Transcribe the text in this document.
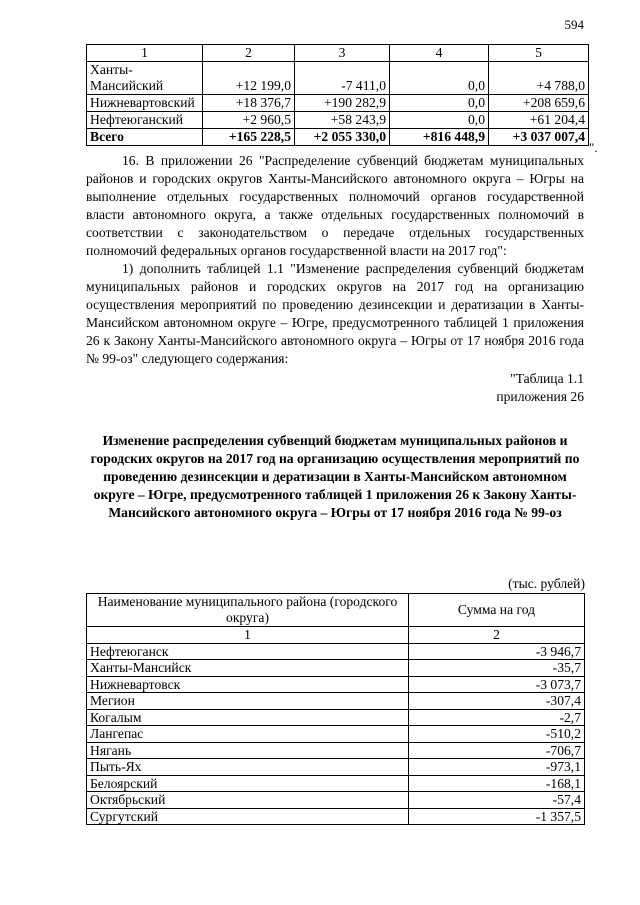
594
1	2	3	4	5
Ханты-
Мансийский	+12 199,0	-7 411,0	0,0	+4 788,0
Нижневартовский	+18 376,7	+190 282,9	0,0	+208 659,6
Нефтеюганский	+2 960,5	+58 243,9	0,0	+61 204,4
Всего	+165 228,5	+2 055 330,0	+816 448,9	+3 037 007,4
".

16. В приложении 26 "Распределение субвенций бюджетам муниципальных районов и городских округов Ханты-Мансийского автономного округа – Югры на выполнение отдельных государственных полномочий органов государственной власти автономного округа, а также отдельных государственных полномочий в соответствии с законодательством о передаче отдельных государственных полномочий федеральных органов государственной власти на 2017 год":

1) дополнить таблицей 1.1 "Изменение распределения субвенций бюджетам муниципальных районов и городских округов на 2017 год на организацию осуществления мероприятий по проведению дезинсекции и дератизации в Ханты-Мансийском автономном округе – Югре, предусмотренного таблицей 1 приложения 26 к Закону Ханты-Мансийского автономного округа – Югры от 17 ноября 2016 года № 99-оз" следующего содержания:

"Таблица 1.1

приложения 26

Изменение распределения субвенций бюджетам муниципальных районов и городских округов на 2017 год на организацию осуществления мероприятий по проведению дезинсекции и дератизации в Ханты-Мансийском автономном округе – Югре, предусмотренного таблицей 1 приложения 26 к Закону Ханты-Мансийского автономного округа – Югры от 17 ноября 2016 года № 99-оз

(тыс. рублей)
Наименование муниципального района (городского округа)	Сумма на год
1	2
Нефтеюганск	-3 946,7
Ханты-Мансийск	-35,7
Нижневартовск	-3 073,7
Мегион	-307,4
Когалым	-2,7
Лангепас	-510,2
Нягань	-706,7
Пыть-Ях	-973,1
Белоярский	-168,1
Октябрьский	-57,4
Сургутский	-1 357,5
